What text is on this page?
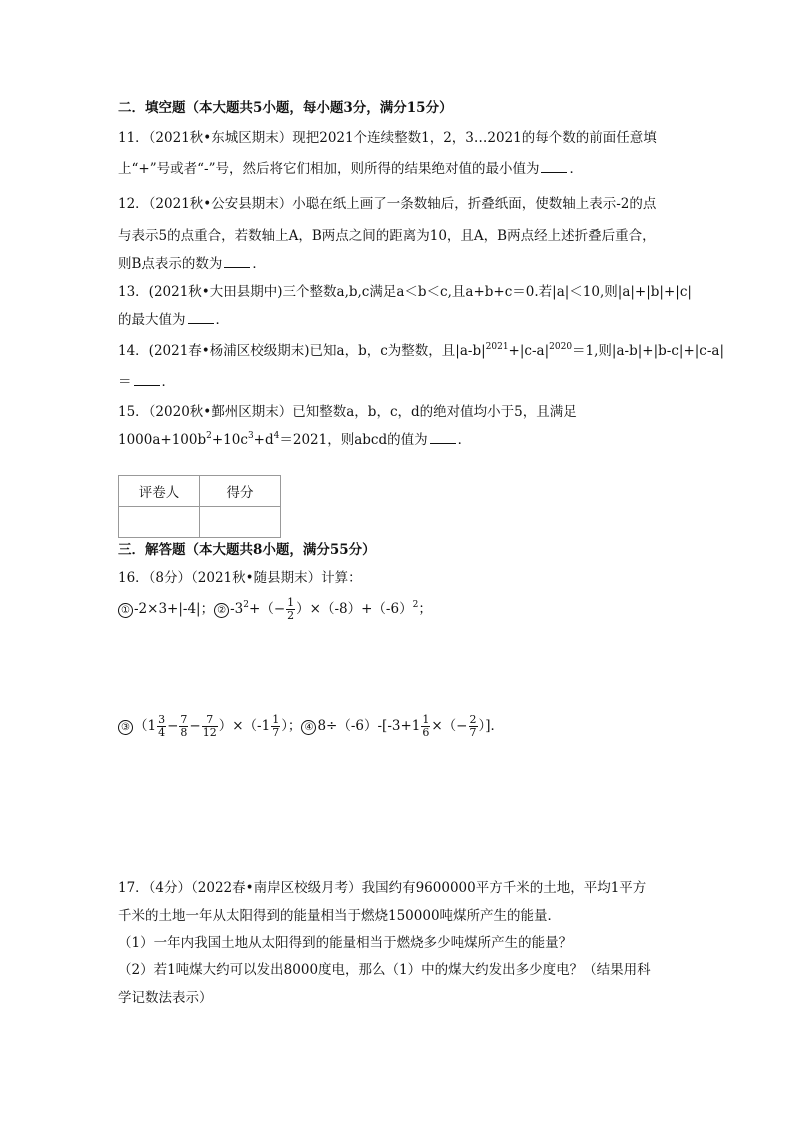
二．填空题（本大题共5小题，每小题3分，满分15分）
11．（2021秋•东城区期末）现把2021个连续整数1，2，3…2021的每个数的前面任意填
上“+”号或者“-”号，然后将它们相加，则所得的结果绝对值的最小值为 ．
12．（2021秋•公安县期末）小聪在纸上画了一条数轴后，折叠纸面，使数轴上表示-2的点
与表示5的点重合，若数轴上A，B两点之间的距离为10，且A，B两点经上述折叠后重合，
则B点表示的数为 ．
13．(2021秋•大田县期中)三个整数a,b,c满足a＜b＜c,且a+b+c＝0.若|a|＜10,则|a|+|b|+|c|
的最大值为 ．
14．(2021春•杨浦区校级期末)已知a，b，c为整数，且$|a-b|^{2021}+|c-a|^{2020}=1$,则|a-b|+|b-c|+|c-a|
＝ ．
15．（2020秋•鄞州区期末）已知整数a，b，c，d的绝对值均小于5，且满足
$1000a+100b^2+10c^3+d^4=2021$，则abcd的值为 ．
评卷人	得分

三．解答题（本大题共8小题，满分55分）
16．（8分）（2021秋•随县期末）计算：
① -2×3+|-4|； ② $-3^2+(- \frac{1}{2} )\times(-8)+(-6)^2$；
③ $(1 \frac{3}{4} - \frac{7}{8} - \frac{7}{12} )\times(-1 \frac{1}{7}$ ）； ④ $8\div(-6)-[-3+1 \frac{1}{6}$ ×（− $\frac{2}{7}$ ）]．
17．（4分）（2022春•南岸区校级月考）我国约有9600000平方千米的土地，平均1平方
千米的土地一年从太阳得到的能量相当于燃烧150000吨煤所产生的能量．
（1）一年内我国土地从太阳得到的能量相当于燃烧多少吨煤所产生的能量？
（2）若1吨煤大约可以发出8000度电，那么（1）中的煤大约发出多少度电？（结果用科
学记数法表示）
